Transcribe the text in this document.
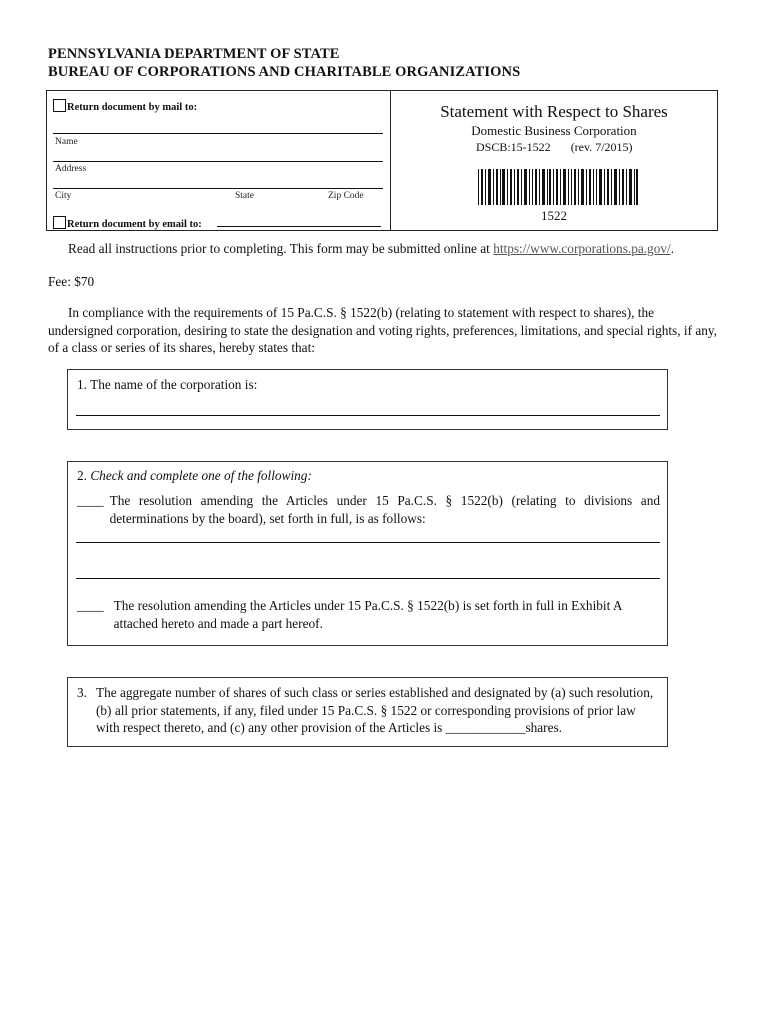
PENNSYLVANIA DEPARTMENT OF STATE
BUREAU OF CORPORATIONS AND CHARITABLE ORGANIZATIONS
Return document by mail to:
Name
Address
City	State	Zip Code
Return document by email to:
Statement with Respect to Shares
Domestic Business Corporation
DSCB:15-1522 (rev. 7/2015)
1522
Read all instructions prior to completing. This form may be submitted online at https://www.corporations.pa.gov/.
Fee: $70
In compliance with the requirements of 15 Pa.C.S. § 1522(b) (relating to statement with respect to shares), the undersigned corporation, desiring to state the designation and voting rights, preferences, limitations, and special rights, if any, of a class or series of its shares, hereby states that:
1. The name of the corporation is:
2. Check and complete one of the following:
____ The resolution amending the Articles under 15 Pa.C.S. § 1522(b) (relating to divisions and determinations by the board), set forth in full, is as follows:
____ The resolution amending the Articles under 15 Pa.C.S. § 1522(b) is set forth in full in Exhibit A attached hereto and made a part hereof.
3. The aggregate number of shares of such class or series established and designated by (a) such resolution, (b) all prior statements, if any, filed under 15 Pa.C.S. § 1522 or corresponding provisions of prior law with respect thereto, and (c) any other provision of the Articles is ____________shares.
